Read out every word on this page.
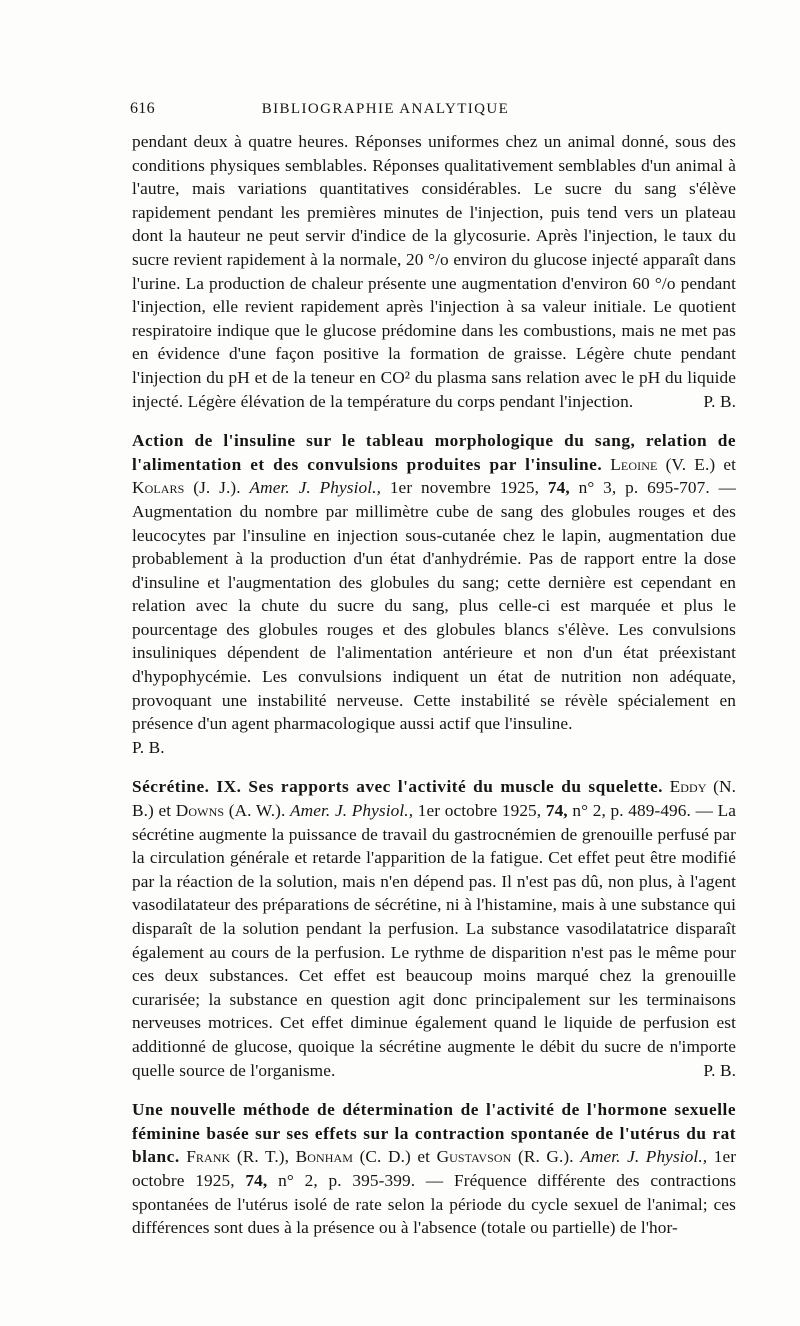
616	BIBLIOGRAPHIE ANALYTIQUE

pendant deux à quatre heures. Réponses uniformes chez un animal donné, sous des conditions physiques semblables. Réponses qualitativement semblables d'un animal à l'autre, mais variations quantitatives considérables. Le sucre du sang s'élève rapidement pendant les premières minutes de l'injection, puis tend vers un plateau dont la hauteur ne peut servir d'indice de la glycosurie. Après l'injection, le taux du sucre revient rapidement à la normale, 20 °/o environ du glucose injecté apparaît dans l'urine. La production de chaleur présente une augmentation d'environ 60 °/o pendant l'injection, elle revient rapidement après l'injection à sa valeur initiale. Le quotient respiratoire indique que le glucose prédomine dans les combustions, mais ne met pas en évidence d'une façon positive la formation de graisse. Légère chute pendant l'injection du pH et de la teneur en CO² du plasma sans relation avec le pH du liquide injecté. Légère élévation de la température du corps pendant l'injection.	P. B.

Action de l'insuline sur le tableau morphologique du sang, relation de l'alimentation et des convulsions produites par l'insuline. Leoine (V. E.) et Kolars (J. J.). Amer. J. Physiol., 1er novembre 1925, 74, n° 3, p. 695-707. — Augmentation du nombre par millimètre cube de sang des globules rouges et des leucocytes par l'insuline en injection sous-cutanée chez le lapin, augmentation due probablement à la production d'un état d'anhydrémie. Pas de rapport entre la dose d'insuline et l'augmentation des globules du sang; cette dernière est cependant en relation avec la chute du sucre du sang, plus celle-ci est marquée et plus le pourcentage des globules rouges et des globules blancs s'élève. Les convulsions insuliniques dépendent de l'alimentation antérieure et non d'un état préexistant d'hypophycémie. Les convulsions indiquent un état de nutrition non adéquate, provoquant une instabilité nerveuse. Cette instabilité se révèle spécialement en présence d'un agent pharmacologique aussi actif que l'insuline.

P. B.

Sécrétine. IX. Ses rapports avec l'activité du muscle du squelette. Eddy (N. B.) et Downs (A. W.). Amer. J. Physiol., 1er octobre 1925, 74, n° 2, p. 489-496. — La sécrétine augmente la puissance de travail du gastrocnémien de grenouille perfusé par la circulation générale et retarde l'apparition de la fatigue. Cet effet peut être modifié par la réaction de la solution, mais n'en dépend pas. Il n'est pas dû, non plus, à l'agent vasodilatateur des préparations de sécrétine, ni à l'histamine, mais à une substance qui disparaît de la solution pendant la perfusion. La substance vasodilatatrice disparaît également au cours de la perfusion. Le rythme de disparition n'est pas le même pour ces deux substances. Cet effet est beaucoup moins marqué chez la grenouille curarisée; la substance en question agit donc principalement sur les terminaisons nerveuses motrices. Cet effet diminue également quand le liquide de perfusion est additionné de glucose, quoique la sécrétine augmente le débit du sucre de n'importe quelle source de l'organisme.	P. B.

Une nouvelle méthode de détermination de l'activité de l'hormone sexuelle féminine basée sur ses effets sur la contraction spontanée de l'utérus du rat blanc. Frank (R. T.), Bonham (C. D.) et Gustavson (R. G.). Amer. J. Physiol., 1er octobre 1925, 74, n° 2, p. 395-399. — Fréquence différente des contractions spontanées de l'utérus isolé de rate selon la période du cycle sexuel de l'animal; ces différences sont dues à la présence ou à l'absence (totale ou partielle) de l'hor-
